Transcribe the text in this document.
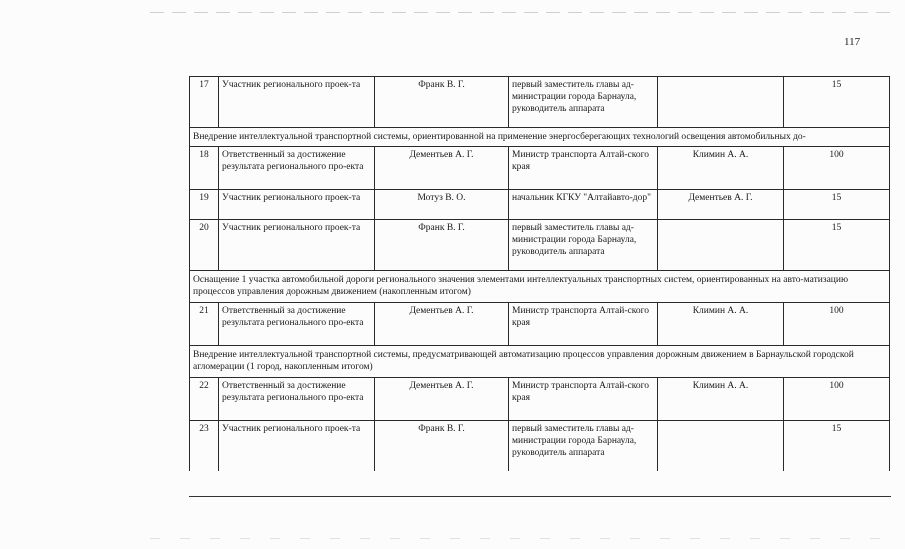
117
17	Участник регионального проек-та	Франк В. Г.	первый заместитель главы ад-министрации города Барнаула, руководитель аппарата		15
Внедрение интеллектуальной транспортной системы, ориентированной на применение энергосберегающих технологий освещения автомобильных до-					
18	Ответственный за достижение результата регионального про-екта	Дементьев А. Г.	Министр транспорта Алтай-ского края	Климин А. А.	100
19	Участник регионального проек-та	Мотуз В. О.	начальник КГКУ "Алтайавто-дор"	Дементьев А. Г.	15
20	Участник регионального проек-та	Франк В. Г.	первый заместитель главы ад-министрации города Барнаула, руководитель аппарата		15
Оснащение 1 участка автомобильной дороги регионального значения элементами интеллектуальных транспортных систем, ориентированных на авто-матизацию процессов управления дорожным движением (накопленным итогом)					
21	Ответственный за достижение результата регионального про-екта	Дементьев А. Г.	Министр транспорта Алтай-ского края	Климин А. А.	100
Внедрение интеллектуальной транспортной системы, предусматривающей автоматизацию процессов управления дорожным движением в Барнаульской городской агломерации (1 город, накопленным итогом)					
22	Ответственный за достижение результата регионального про-екта	Дементьев А. Г.	Министр транспорта Алтай-ского края	Климин А. А.	100
23	Участник регионального проек-та	Франк В. Г.	первый заместитель главы ад-министрации города Барнаула, руководитель аппарата		15
